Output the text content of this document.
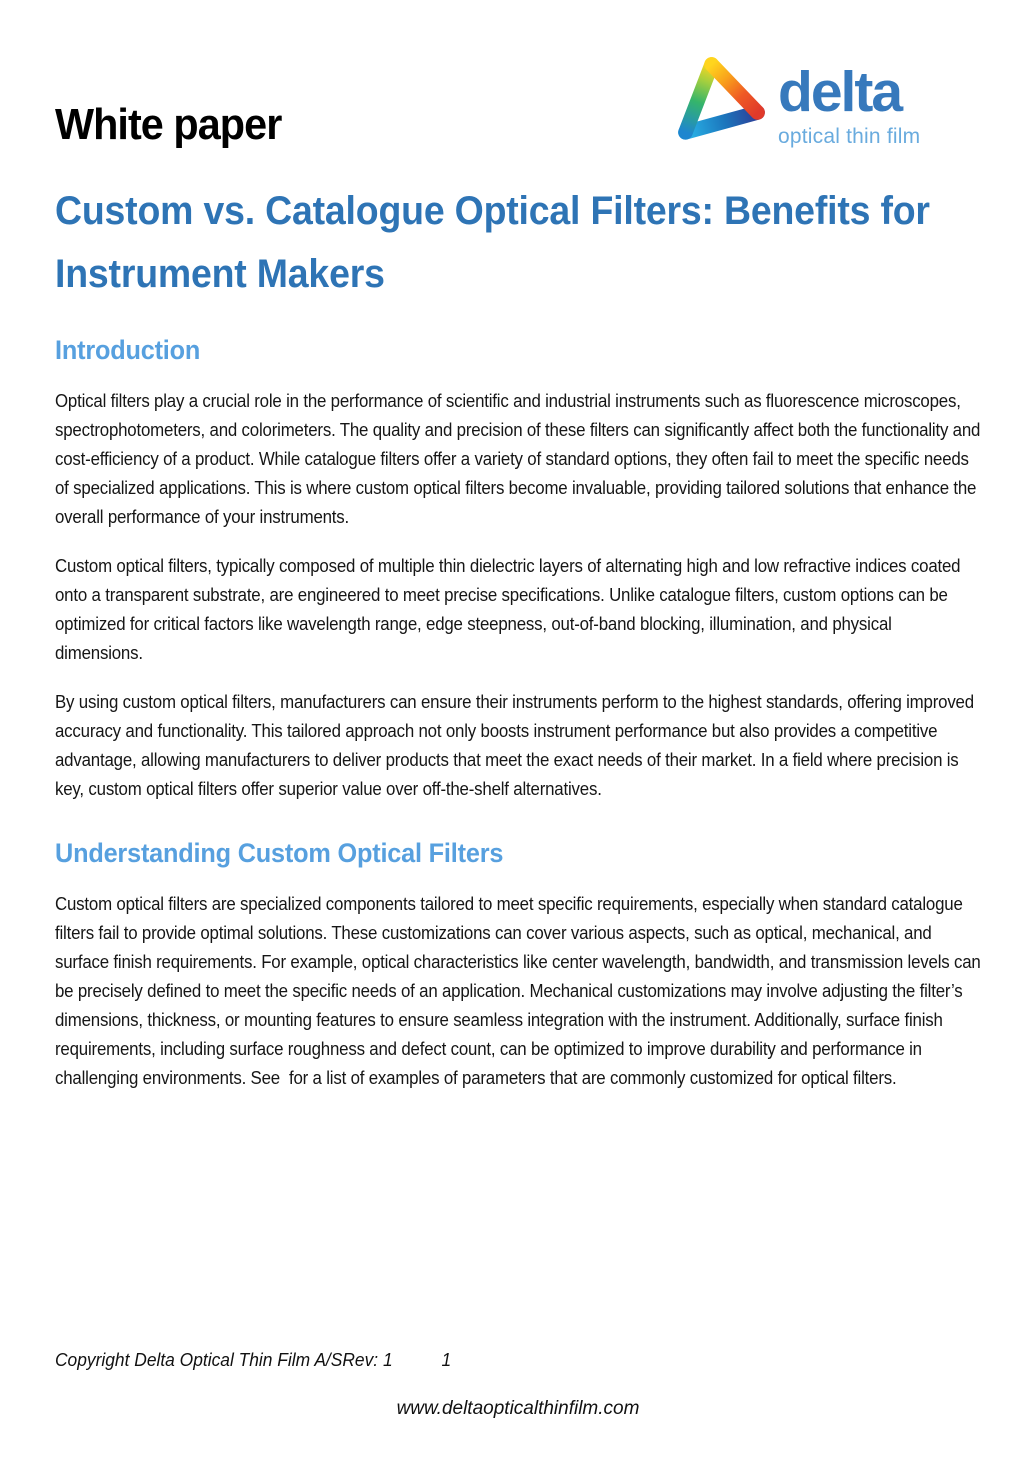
White paper
delta
optical thin film
Custom vs. Catalogue Optical Filters: Benefits for Instrument Makers
Introduction

Optical filters play a crucial role in the performance of scientific and industrial instruments such as fluorescence microscopes, spectrophotometers, and colorimeters. The quality and precision of these filters can significantly affect both the functionality and cost-efficiency of a product. While catalogue filters offer a variety of standard options, they often fail to meet the specific needs of specialized applications. This is where custom optical filters become invaluable, providing tailored solutions that enhance the overall performance of your instruments.

Custom optical filters, typically composed of multiple thin dielectric layers of alternating high and low refractive indices coated onto a transparent substrate, are engineered to meet precise specifications. Unlike catalogue filters, custom options can be optimized for critical factors like wavelength range, edge steepness, out-of-band blocking, illumination, and physical dimensions.

By using custom optical filters, manufacturers can ensure their instruments perform to the highest standards, offering improved accuracy and functionality. This tailored approach not only boosts instrument performance but also provides a competitive advantage, allowing manufacturers to deliver products that meet the exact needs of their market. In a field where precision is key, custom optical filters offer superior value over off-the-shelf alternatives.

Understanding Custom Optical Filters

Custom optical filters are specialized components tailored to meet specific requirements, especially when standard catalogue filters fail to provide optimal solutions. These customizations can cover various aspects, such as optical, mechanical, and surface finish requirements. For example, optical characteristics like center wavelength, bandwidth, and transmission levels can be precisely defined to meet the specific needs of an application. Mechanical customizations may involve adjusting the filter’s dimensions, thickness, or mounting features to ensure seamless integration with the instrument. Additionally, surface finish requirements, including surface roughness and defect count, can be optimized to improve durability and performance in challenging environments. See  for a list of examples of parameters that are commonly customized for optical filters.

Copyright Delta Optical Thin Film A/SRev: 1	1
www.deltaopticalthinfilm.com
